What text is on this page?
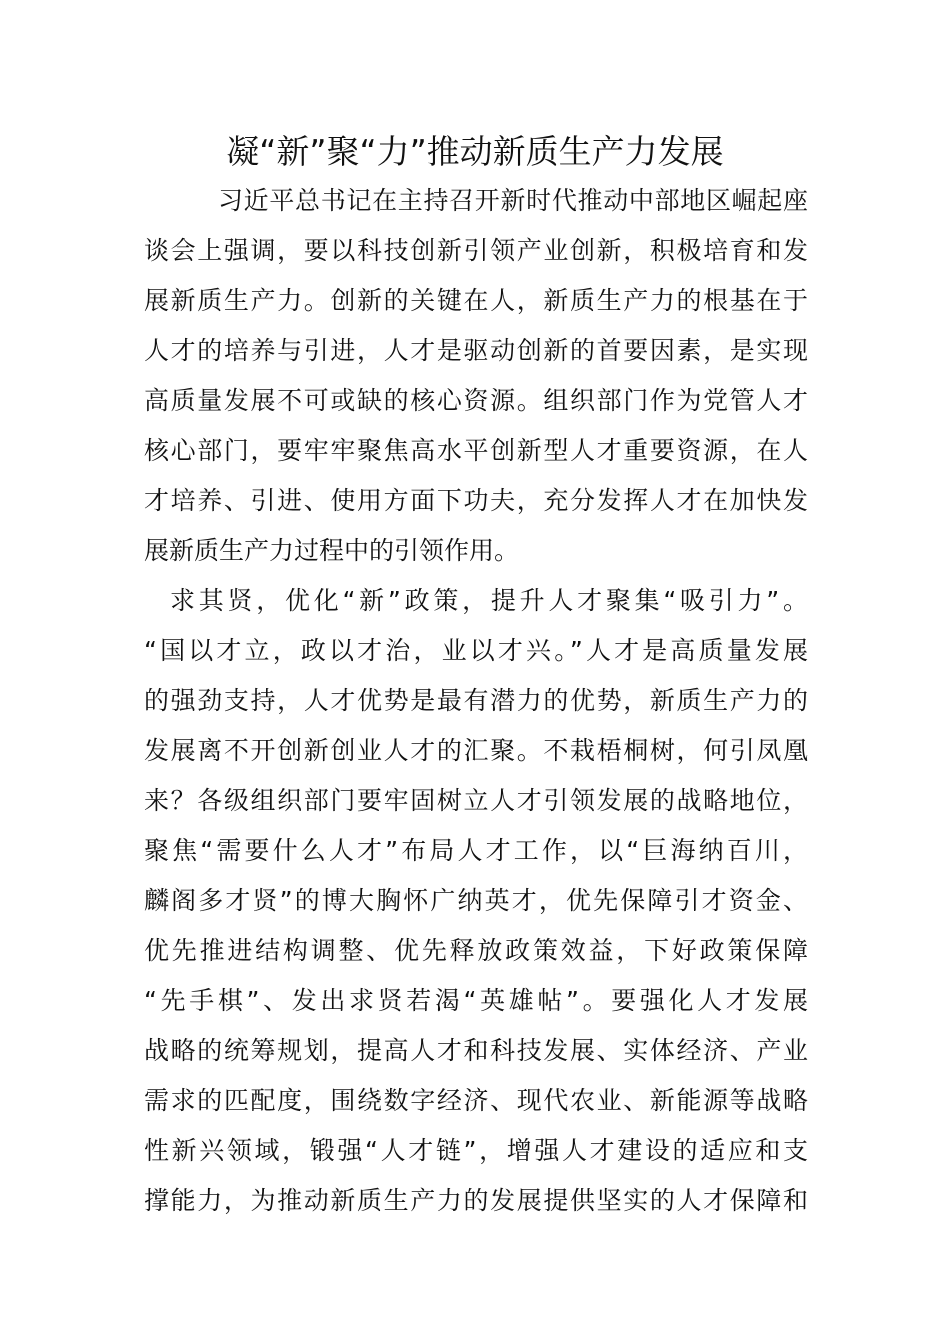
凝“新”聚“力”推动新质生产力发展
习近平总书记在主持召开新时代推动中部地区崛起座
谈会上强调，要以科技创新引领产业创新，积极培育和发
展新质生产力。创新的关键在人，新质生产力的根基在于
人才的培养与引进，人才是驱动创新的首要因素，是实现
高质量发展不可或缺的核心资源。组织部门作为党管人才
核心部门，要牢牢聚焦高水平创新型人才重要资源，在人
才培养、引进、使用方面下功夫，充分发挥人才在加快发
展新质生产力过程中的引领作用。
求其贤，优化“新”政策，提升人才聚集“吸引力”。
“国以才立，政以才治，业以才兴。”人才是高质量发展
的强劲支持，人才优势是最有潜力的优势，新质生产力的
发展离不开创新创业人才的汇聚。不栽梧桐树，何引凤凰
来？各级组织部门要牢固树立人才引领发展的战略地位，
聚焦“需要什么人才”布局人才工作，以“巨海纳百川，
麟阁多才贤”的博大胸怀广纳英才，优先保障引才资金、
优先推进结构调整、优先释放政策效益，下好政策保障
“先手棋”、发出求贤若渴“英雄帖”。要强化人才发展
战略的统筹规划，提高人才和科技发展、实体经济、产业
需求的匹配度，围绕数字经济、现代农业、新能源等战略
性新兴领域，锻强“人才链”，增强人才建设的适应和支
撑能力，为推动新质生产力的发展提供坚实的人才保障和
